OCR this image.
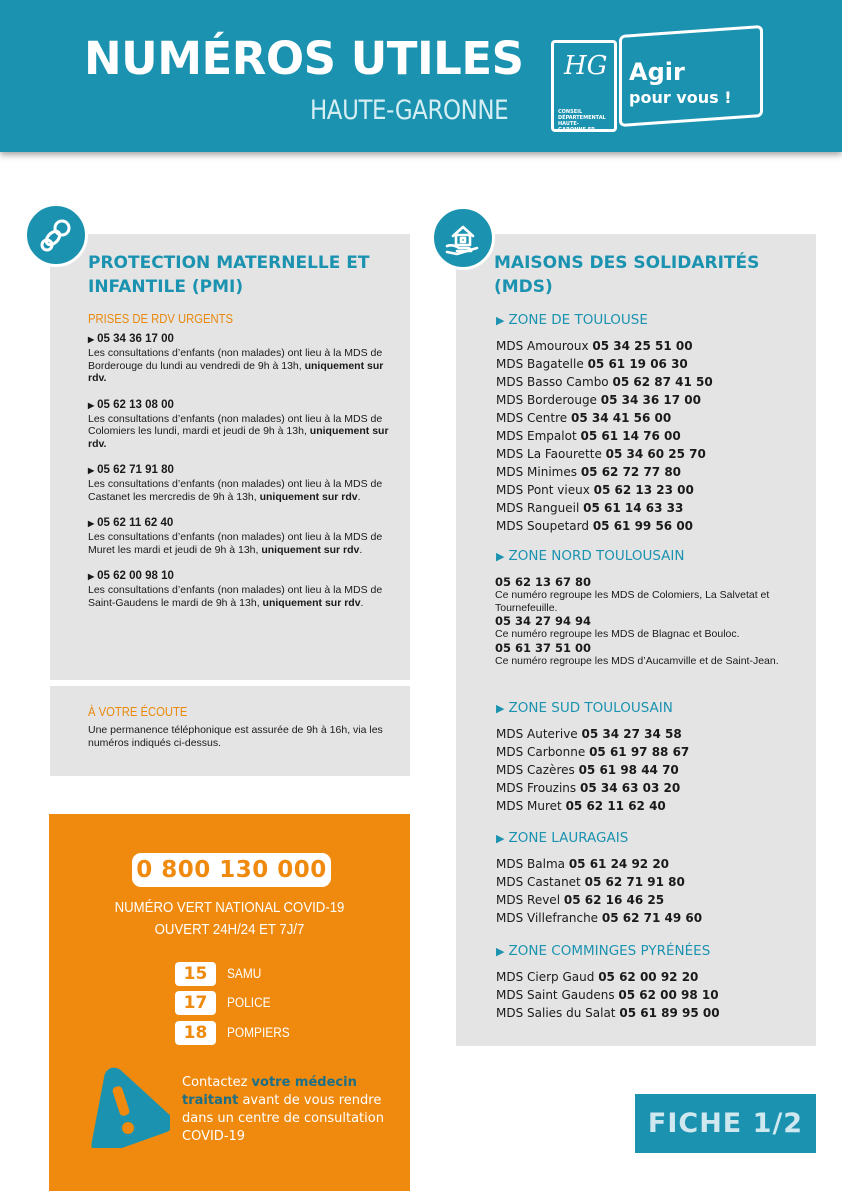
NUMÉROS UTILES
HAUTE-GARONNE
HG
CONSEIL DÉPARTEMENTAL
HAUTE-GARONNE.FR
Agir
pour vous !
PROTECTION MATERNELLE ET
INFANTILE (PMI)
PRISES DE RDV URGENTS
▶ 05 34 36 17 00
Les consultations d’enfants (non malades) ont lieu à la MDS de Borderouge du lundi au vendredi de 9h à 13h, uniquement sur rdv.
▶ 05 62 13 08 00
Les consultations d’enfants (non malades) ont lieu à la MDS de Colomiers les lundi, mardi et jeudi de 9h à 13h, uniquement sur rdv.
▶ 05 62 71 91 80
Les consultations d’enfants (non malades) ont lieu à la MDS de Castanet les mercredis de 9h à 13h, uniquement sur rdv.
▶ 05 62 11 62 40
Les consultations d’enfants (non malades) ont lieu à la MDS de Muret les mardi et jeudi de 9h à 13h, uniquement sur rdv.
▶ 05 62 00 98 10
Les consultations d’enfants (non malades) ont lieu à la MDS de Saint-Gaudens le mardi de 9h à 13h, uniquement sur rdv.
À VOTRE ÉCOUTE
Une permanence téléphonique est assurée de 9h à 16h, via les numéros indiqués ci-dessus.
0 800 130 000
NUMÉRO VERT NATIONAL COVID-19
OUVERT 24H/24 ET 7J/7
15	SAMU
17	POLICE
18	POMPIERS
Contactez votre médecin traitant avant de vous rendre dans un centre de consultation COVID-19
MAISONS DES SOLIDARITÉS
(MDS)
▶ ZONE DE TOULOUSE
MDS Amouroux 05 34 25 51 00
MDS Bagatelle 05 61 19 06 30
MDS Basso Cambo 05 62 87 41 50
MDS Borderouge 05 34 36 17 00
MDS Centre 05 34 41 56 00
MDS Empalot 05 61 14 76 00
MDS La Faourette 05 34 60 25 70
MDS Minimes 05 62 72 77 80
MDS Pont vieux 05 62 13 23 00
MDS Rangueil 05 61 14 63 33
MDS Soupetard 05 61 99 56 00
▶ ZONE NORD TOULOUSAIN
05 62 13 67 80
Ce numéro regroupe les MDS de Colomiers, La Salvetat et Tournefeuille.
05 34 27 94 94
Ce numéro regroupe les MDS de Blagnac et Bouloc.
05 61 37 51 00
Ce numéro regroupe les MDS d’Aucamville et de Saint-Jean.
▶ ZONE SUD TOULOUSAIN
MDS Auterive 05 34 27 34 58
MDS Carbonne 05 61 97 88 67
MDS Cazères 05 61 98 44 70
MDS Frouzins 05 34 63 03 20
MDS Muret 05 62 11 62 40
▶ ZONE LAURAGAIS
MDS Balma 05 61 24 92 20
MDS Castanet 05 62 71 91 80
MDS Revel 05 62 16 46 25
MDS Villefranche 05 62 71 49 60
▶ ZONE COMMINGES PYRÉNÉES
MDS Cierp Gaud 05 62 00 92 20
MDS Saint Gaudens 05 62 00 98 10
MDS Salies du Salat 05 61 89 95 00
FICHE 1/2
